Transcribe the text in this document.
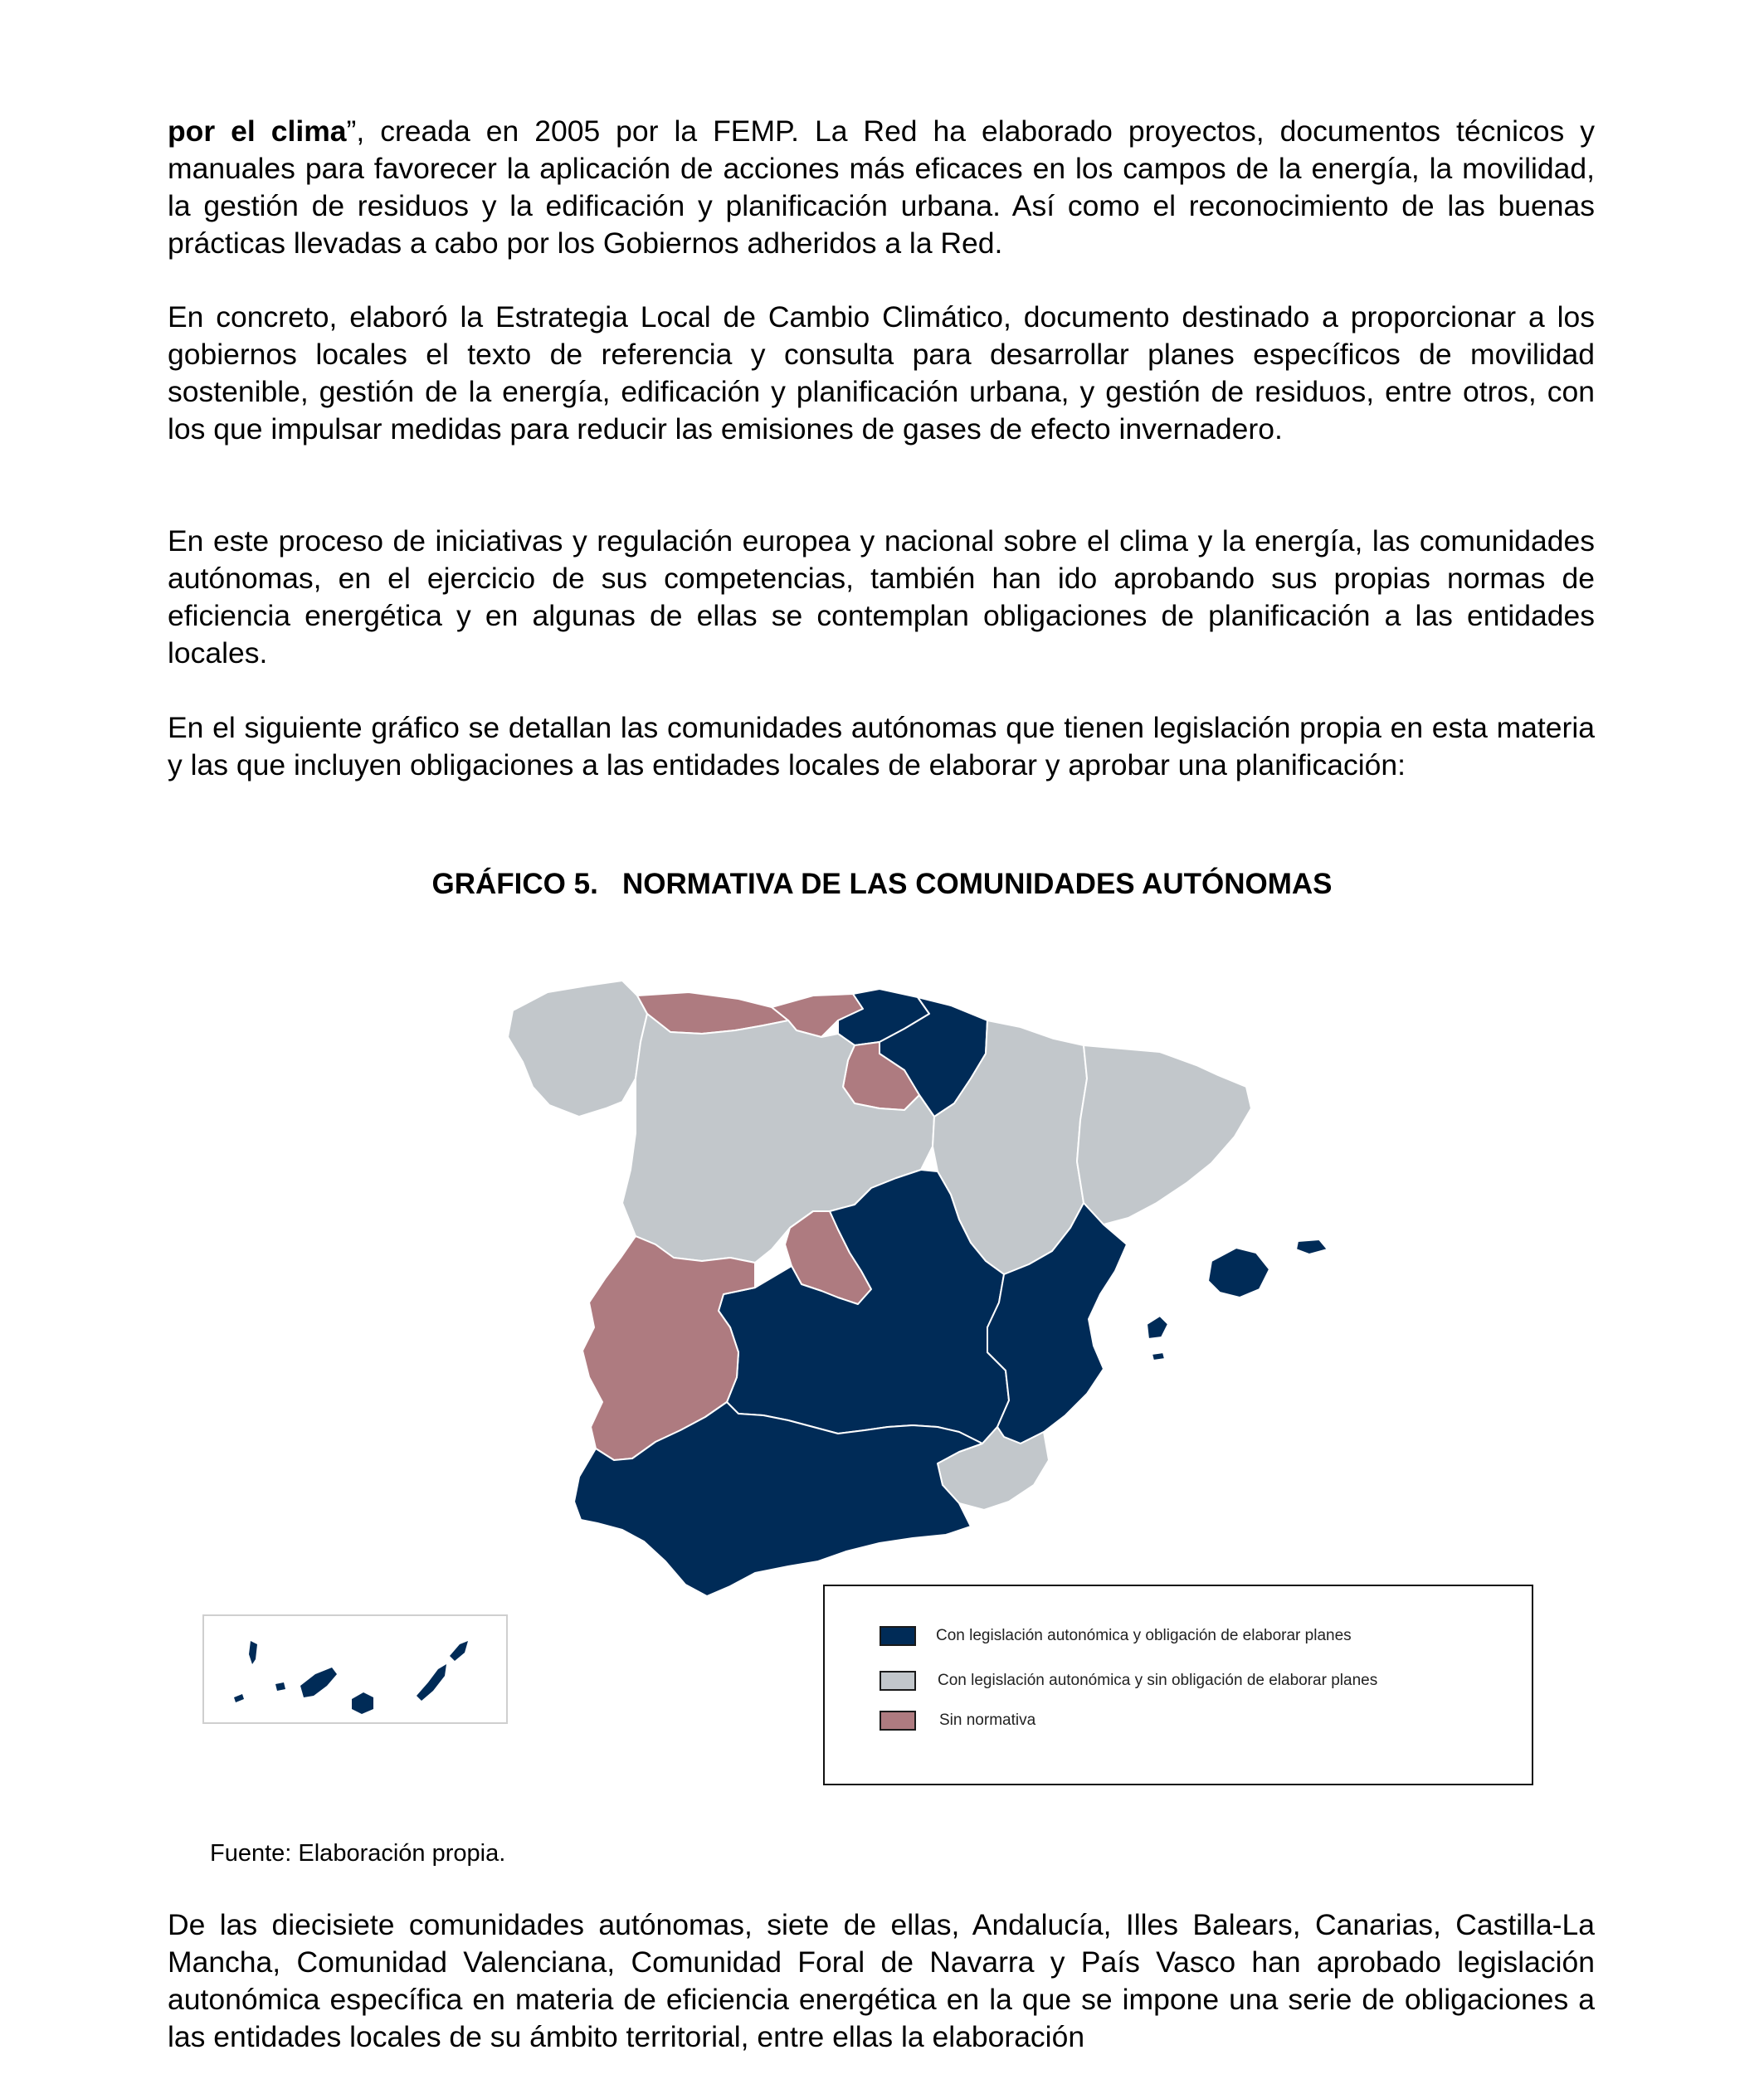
por el clima”, creada en 2005 por la FEMP. La Red ha elaborado proyectos, documentos técnicos y manuales para favorecer la aplicación de acciones más eficaces en los campos de la energía, la movilidad, la gestión de residuos y la edificación y planificación urbana. Así como el reconocimiento de las buenas prácticas llevadas a cabo por los Gobiernos adheridos a la Red.

En concreto, elaboró la Estrategia Local de Cambio Climático, documento destinado a proporcionar a los gobiernos locales el texto de referencia y consulta para desarrollar planes específicos de movilidad sostenible, gestión de la energía, edificación y planificación urbana, y gestión de residuos, entre otros, con los que impulsar medidas para reducir las emisiones de gases de efecto invernadero.

En este proceso de iniciativas y regulación europea y nacional sobre el clima y la energía, las comunidades autónomas, en el ejercicio de sus competencias, también han ido aprobando sus propias normas de eficiencia energética y en algunas de ellas se contemplan obligaciones de planificación a las entidades locales.

En el siguiente gráfico se detallan las comunidades autónomas que tienen legislación propia en esta materia y las que incluyen obligaciones a las entidades locales de elaborar y aprobar una planificación:

GRÁFICO 5.   NORMATIVA DE LAS COMUNIDADES AUTÓNOMAS
Con legislación autonómica y obligación de elaborar planes
Con legislación autonómica y sin obligación de elaborar planes
Sin normativa
Fuente: Elaboración propia.

De las diecisiete comunidades autónomas, siete de ellas, Andalucía, Illes Balears, Canarias, Castilla-La Mancha, Comunidad Valenciana, Comunidad Foral de Navarra y País Vasco han aprobado legislación autonómica específica en materia de eficiencia energética en la que se impone una serie de obligaciones a las entidades locales de su ámbito territorial, entre ellas la elaboración
